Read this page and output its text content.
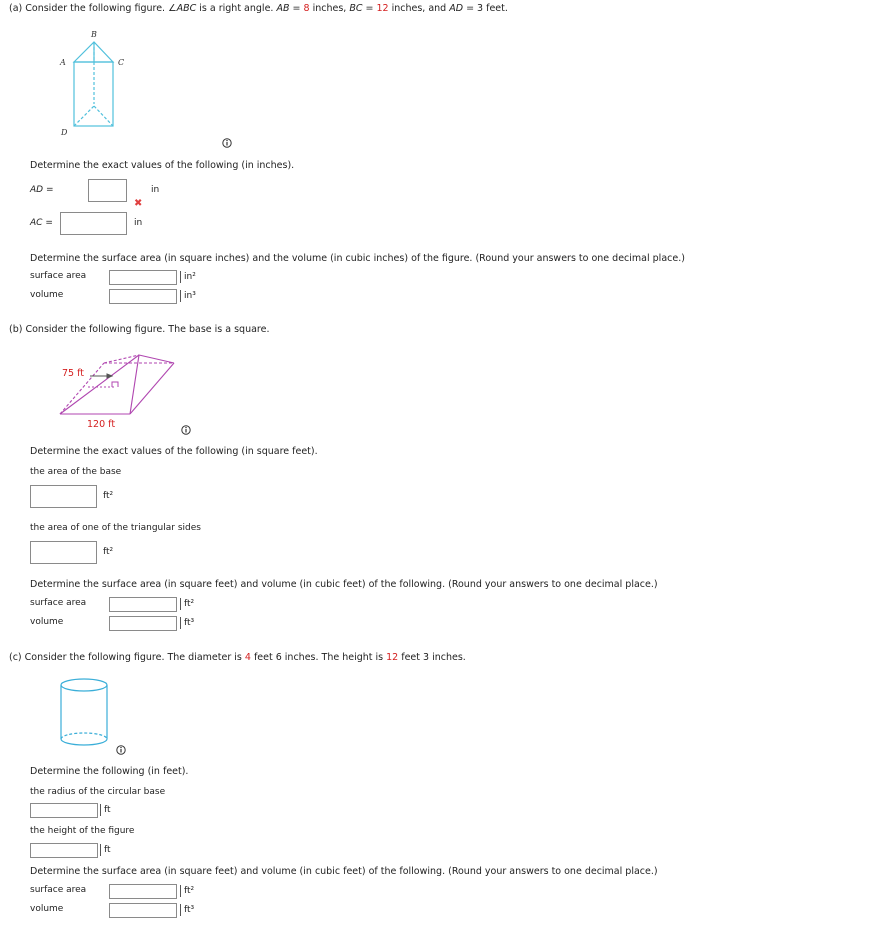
(a) Consider the following figure. ∠ABC is a right angle. AB = 8 inches, BC = 12 inches, and AD = 3 feet.
B
A	C
D
Determine the exact values of the following (in inches).
AD =	in
✖
AC =	in
Determine the surface area (in square inches) and the volume (in cubic inches) of the figure. (Round your answers to one decimal place.)
surface area	in²
volume	in³
(b) Consider the following figure. The base is a square.
75 ft
120 ft
Determine the exact values of the following (in square feet).
the area of the base
ft²
the area of one of the triangular sides
ft²
Determine the surface area (in square feet) and volume (in cubic feet) of the following. (Round your answers to one decimal place.)
surface area	ft²
volume	ft³
(c) Consider the following figure. The diameter is 4 feet 6 inches. The height is 12 feet 3 inches.
Determine the following (in feet).
the radius of the circular base
ft
the height of the figure
ft
Determine the surface area (in square feet) and volume (in cubic feet) of the following. (Round your answers to one decimal place.)
surface area	ft²
volume	ft³
